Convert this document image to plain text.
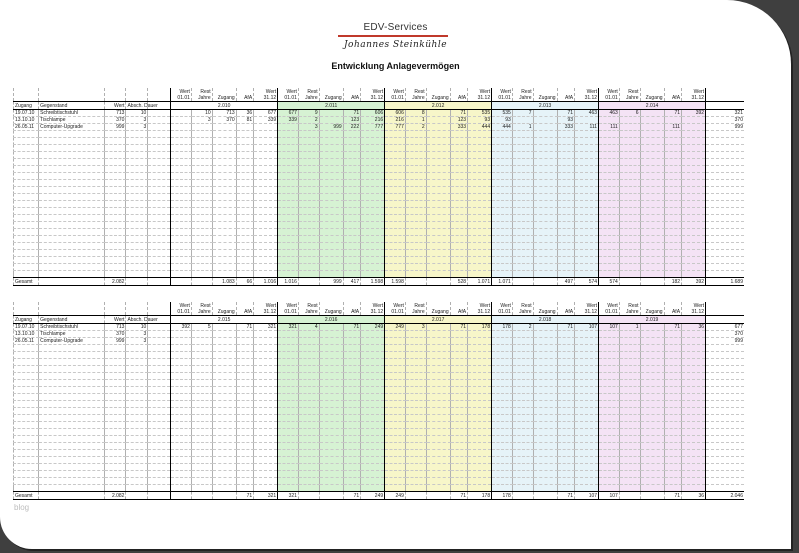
EDV-Services
Johannes Steinkühle
Entwicklung Anlagevermögen
					Wert 01.01	Rest Jahre	Zugang	AfA	Wert 31.12	Wert 01.01	Rest Jahre	Zugang	AfA	Wert 31.12	Wert 01.01	Rest Jahre	Zugang	AfA	Wert 31.12	Wert 01.01	Rest Jahre	Zugang	AfA	Wert 31.12	Wert 01.01	Rest Jahre	Zugang	AfA	Wert 31.12	
Zugang	Gegenstand	Wert	Absch. Dauer		2.010					2.011					2.012					2.013					2.014					
19.07.10	Schreibtischstuhl	713	10			10	713	36	677	677	9		71	606	606	8		71	535	535	7		71	463	463	6		71	392	321
13.10.10	Tischlampe	370	3			3	370	81	339	339	2		123	216	216	1		123	93	93			93							370
26.05.11	Computer-Upgrade	999	3								3	999	222	777	777	2		333	444	444	1		333	111	111			111		999

Gesamt		2.082					1.083	66	1.016	1.016		999	417	1.598	1.598			528	1.071	1.071			497	574	574			182	392	1.689
					Wert 01.01	Rest Jahre	Zugang	AfA	Wert 31.12	Wert 01.01	Rest Jahre	Zugang	AfA	Wert 31.12	Wert 01.01	Rest Jahre	Zugang	AfA	Wert 31.12	Wert 01.01	Rest Jahre	Zugang	AfA	Wert 31.12	Wert 01.01	Rest Jahre	Zugang	AfA	Wert 31.12	
Zugang	Gegenstand	Wert	Absch. Dauer		2.015					2.016					2.017					2.018					2.019					
19.07.10	Schreibtischstuhl	713	10		392	5		71	321	321	4		71	249	249	3		71	178	178	2		71	107	107	1		71	36	677
13.10.10	Tischlampe	370	3																											370
26.05.11	Computer-Upgrade	999	3																											999

Gesamt		2.082						71	321	321			71	249	249			71	178	178			71	107	107			71	36	2.046
blog
